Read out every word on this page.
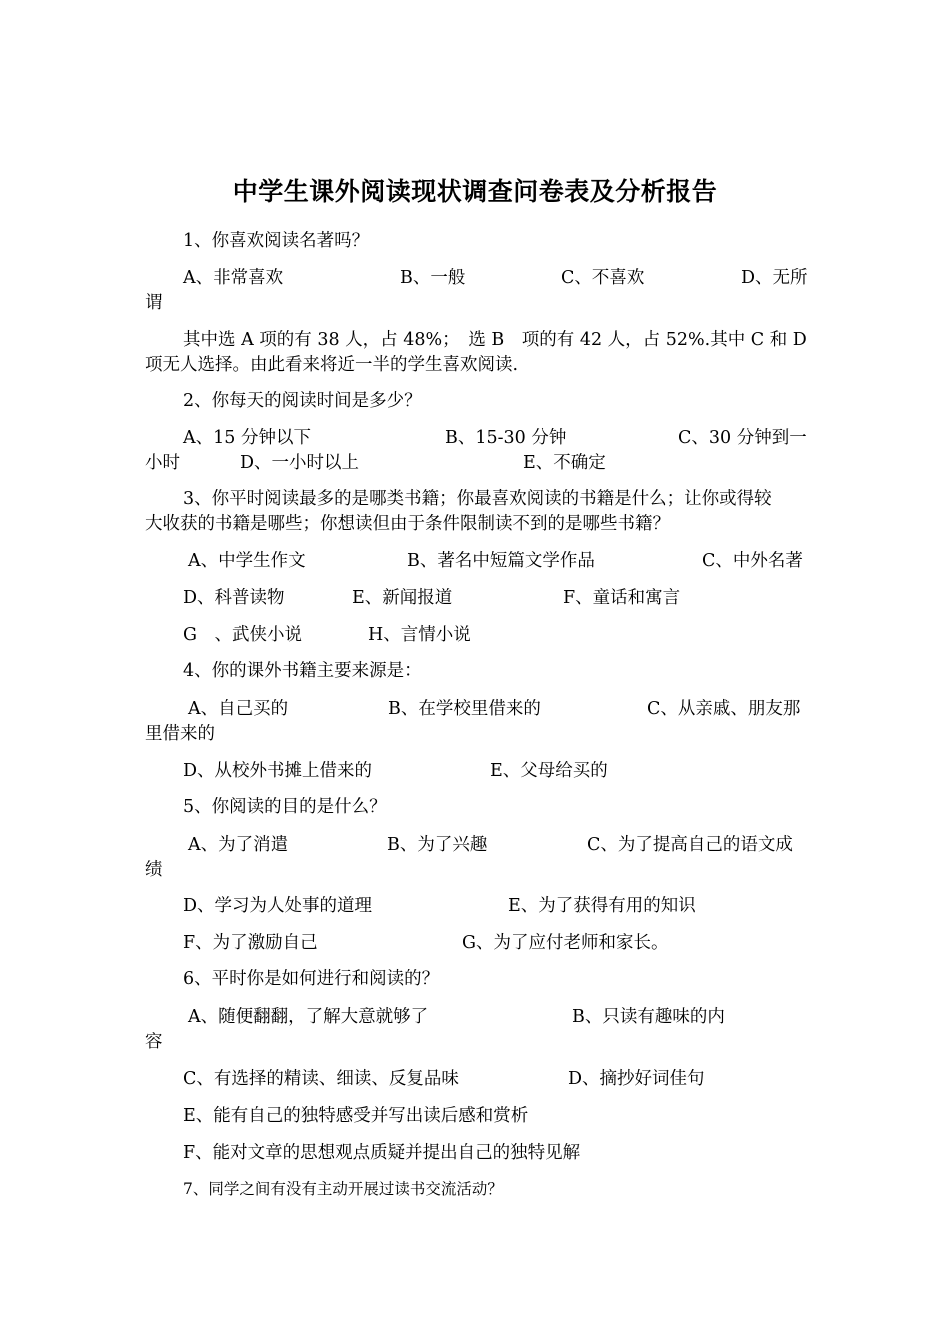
中学生课外阅读现状调查问卷表及分析报告
1、你喜欢阅读名著吗？
A、非常喜欢	B、一般	C、不喜欢	D、无所
谓
其中选 A 项的有 38 人，占 48%；　选 B　项的有 42 人，占 52%.其中 C 和 D
项无人选择。由此看来将近一半的学生喜欢阅读.
2、你每天的阅读时间是多少？
A、15 分钟以下	B、15-30 分钟	C、30 分钟到一
小时	D、一小时以上	E、不确定
3、你平时阅读最多的是哪类书籍；你最喜欢阅读的书籍是什么；让你或得较
大收获的书籍是哪些；你想读但由于条件限制读不到的是哪些书籍？
A、中学生作文	B、著名中短篇文学作品	C、中外名著
D、科普读物	E、新闻报道	F、童话和寓言
G　、武侠小说	H、言情小说
4、你的课外书籍主要来源是：
A、自己买的	B、在学校里借来的	C、从亲戚、朋友那
里借来的
D、从校外书摊上借来的	E、父母给买的
5、你阅读的目的是什么？
A、为了消遣	B、为了兴趣	C、为了提高自己的语文成
绩
D、学习为人处事的道理	E、为了获得有用的知识
F、为了激励自己	G、为了应付老师和家长。
6、平时你是如何进行和阅读的？
A、随便翻翻，了解大意就够了	B、只读有趣味的内
容
C、有选择的精读、细读、反复品味	D、摘抄好词佳句
E、能有自己的独特感受并写出读后感和赏析
F、能对文章的思想观点质疑并提出自己的独特见解
7、同学之间有没有主动开展过读书交流活动？
